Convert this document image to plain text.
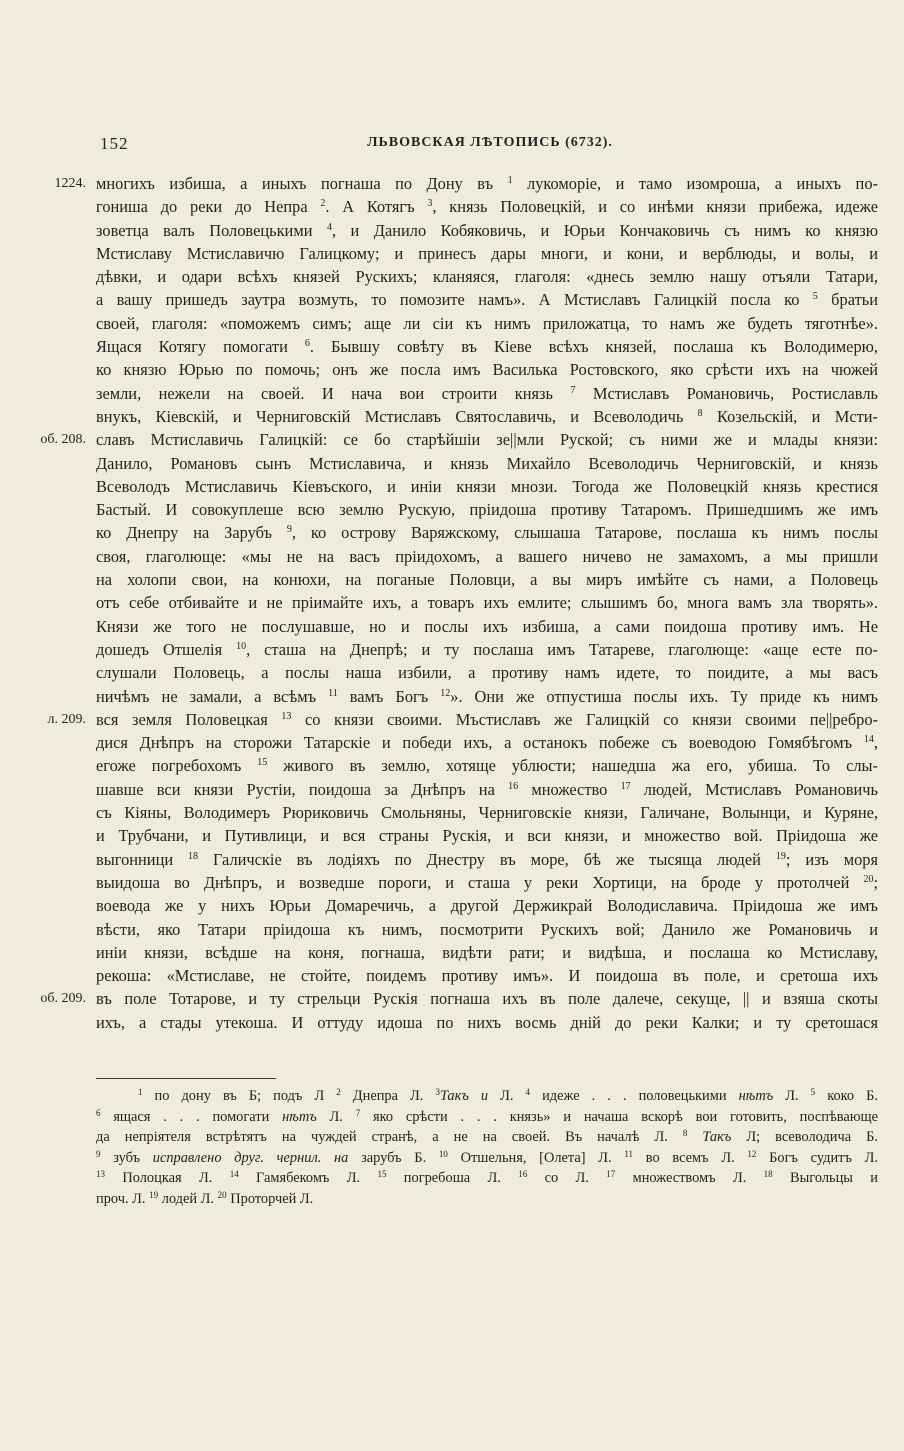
152	ЛЬВОВСКАЯ ЛѢТОПИСЬ (6732).
1224. многихъ избиша, а иныхъ погнаша по Дону въ $^1$ лукоморіе, и тамо изомроша, а иныхъ по-
гониша до реки до Непра $^2$. А Котягъ $^3$, князь Половецкій, и со инѣми князи прибежа, идеже
зоветца валъ Половецькими $^4$, и Данило Кобяковичь, и Юрьи Кончаковичь съ нимъ ко князю
Мстиславу Мстиславичю Галицкому; и принесъ дары многи, и кони, и верблюды, и волы, и
дѣвки, и одари всѣхъ князей Рускихъ; кланяяся, глаголя: «днесь землю нашу отъяли Татари,
а вашу пришедъ заутра возмуть, то помозите намъ». А Мстиславъ Галицкій посла ко $^5$ братьи
своей, глаголя: «поможемъ симъ; аще ли сіи къ нимъ приложатца, то намъ же будеть тяготнѣе».
Ящася Котягу помогати $^6$. Бывшу совѣту въ Кіеве всѣхъ князей, послаша къ Володимерю,
ко князю Юрью по помочь; онъ же посла имъ Василька Ростовского, яко срѣсти ихъ на чюжей
земли, нежели на своей. И нача вои строити князь $^7$ Мстиславъ Романовичь, Ростиславль
внукъ, Кіевскій, и Черниговскій Мстиславъ Святославичь, и Всеволодичь $^8$ Козельскій, и Мсти-
об. 208. славъ Мстиславичь Галицкій: се бо старѣйшіи зе||мли Руской; съ ними же и млады князи:
Данило, Романовъ сынъ Мстиславича, и князь Михайло Всеволодичь Черниговскій, и князь
Всеволодъ Мстиславичь Кіевъского, и иніи князи мнози. Тогода же Половецкій князь крестися
Бастый. И совокуплеше всю землю Рускую, пріидоша противу Татаромъ. Пришедшимъ же имъ
ко Днепру на Зарубъ $^9$, ко острову Варяжскому, слышаша Татарове, послаша къ нимъ послы
своя, глаголюще: «мы не на васъ пріидохомъ, а вашего ничево не замахомъ, а мы пришли
на холопи свои, на конюхи, на поганые Половци, а вы миръ имѣйте съ нами, а Половець
отъ себе отбивайте и не пріимайте ихъ, а товаръ ихъ емлите; слышимъ бо, многа вамъ зла творять».
Князи же того не послушавше, но и послы ихъ избиша, а сами поидоша противу имъ. Не
дошедъ Отшелія $^{10}$, сташа на Днепрѣ; и ту послаша имъ Татареве, глаголюще: «аще есте по-
слушали Половець, а послы наша избили, а противу намъ идете, то поидите, а мы васъ
ничѣмъ не замали, а всѣмъ $^{11}$ вамъ Богъ $^{12}$». Они же отпустиша послы ихъ. Ту приде къ нимъ
л. 209. вся земля Половецкая $^{13}$ со князи своими. Мъстиславъ же Галицкій со князи своими пе||ребро-
дися Днѣпръ на сторожи Татарскіе и победи ихъ, а останокъ побеже съ воеводою Гомябѣгомъ $^{14}$,
егоже погребохомъ $^{15}$ живого въ землю, хотяще ублюсти; нашедша жа его, убиша. То слы-
шавше вси князи Рустіи, поидоша за Днѣпръ на $^{16}$ множество $^{17}$ людей, Мстиславъ Романовичь
съ Кіяны, Володимеръ Рюриковичь Смольняны, Черниговскіе князи, Галичане, Волынци, и Куряне,
и Трубчани, и Путивлици, и вся страны Рускія, и вси князи, и множество вой. Пріидоша же
выгонници $^{18}$ Галичскіе въ лодіяхъ по Днестру въ море, бѣ же тысяща людей $^{19}$; изъ моря
выидоша во Днѣпръ, и возведше пороги, и сташа у реки Хортици, на броде у протолчей $^{20}$;
воевода же у нихъ Юрьи Домаречичь, а другой Держикрай Володиславича. Пріидоша же имъ
вѣсти, яко Татари пріидоша къ нимъ, посмотрити Рускихъ вой; Данило же Романовичь и
иніи князи, всѣдше на коня, погнаша, видѣти рати; и видѣша, и послаша ко Мстиславу,
рекоша: «Мстиславе, не стойте, поидемъ противу имъ». И поидоша въ поле, и сретоша ихъ
об. 209. въ поле Тотарове, и ту стрельци Рускія погнаша ихъ въ поле далече, секуще, || и взяша скоты
ихъ, а стады утекоша. И оттуду идоша по нихъ восмь днiй до реки Калки; и ту сретошася
$^1$ по дону въ Б; подъ Л $^2$ Днепра Л. $^3$Такъ и Л. $^4$ идеже . . . половецькими нѣтъ Л. $^5$ коко Б.
$^6$ ящася . . . помогати нѣтъ Л. $^7$ яко срѣсти . . . князь» и начаша вскорѣ вои готовить, поспѣвающе
да непріятеля встрѣтятъ на чуждей странѣ, а не на своей. Въ началѣ Л. $^8$ Такъ Л; всеволодича Б.
$^9$ зубъ исправлено друг. чернил. на зарубъ Б. $^{10}$ Отшельня, [Олета] Л. $^{11}$ во всемъ Л. $^{12}$ Богъ судитъ Л.
$^{13}$ Полоцкая Л. $^{14}$ Гамябекомъ Л. $^{15}$ погребоша Л. $^{16}$ со Л. $^{17}$ множествомъ Л. $^{18}$ Выгольцы и
проч. Л. $^{19}$ лодей Л. $^{20}$ Проторчей Л.
